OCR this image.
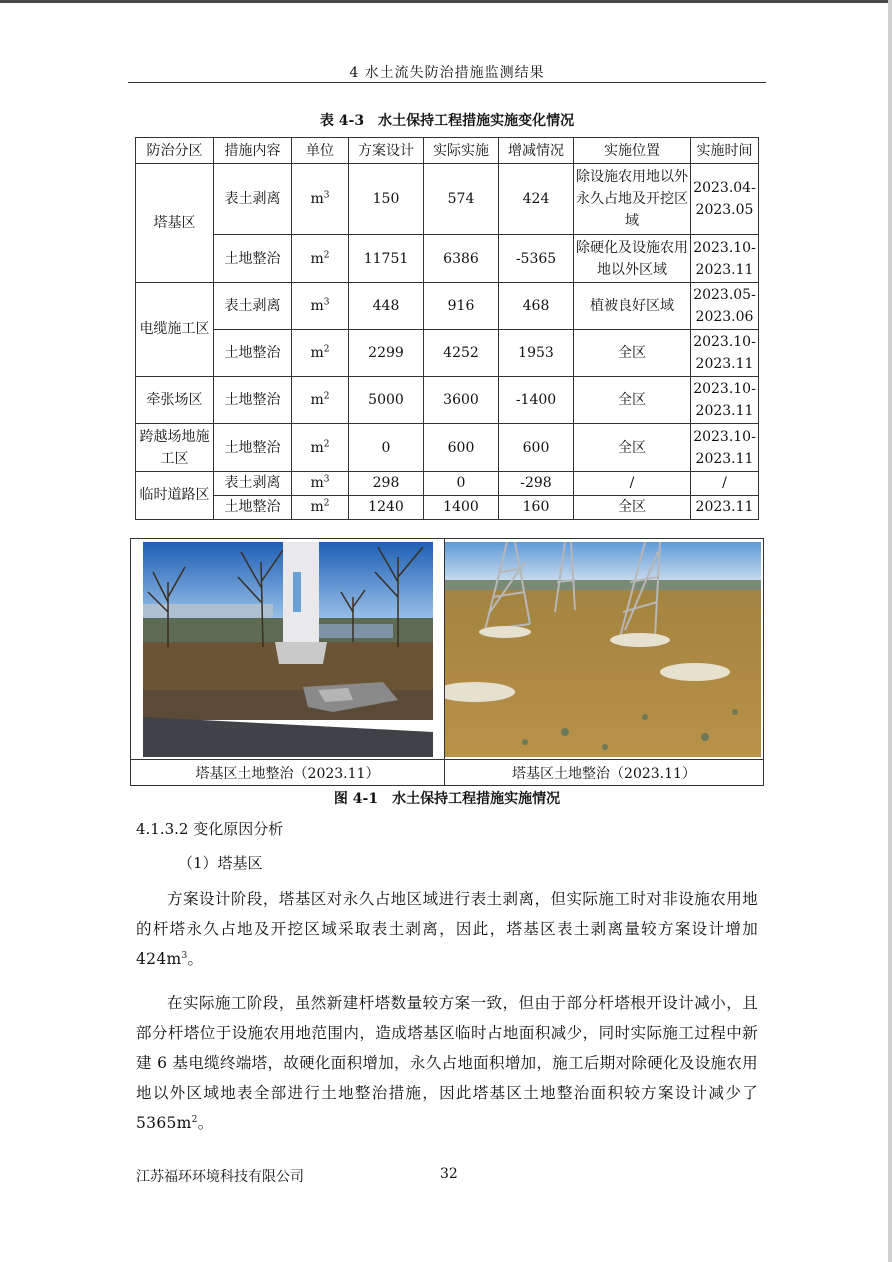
4 水土流失防治措施监测结果
表 4-3 水土保持工程措施实施变化情况
防治分区	措施内容	单位	方案设计	实际实施	增减情况	实施位置	实施时间
塔基区	表土剥离	$m^3$	150	574	424	除设施农用地以外永久占地及开挖区域	2023.04-2023.05
	土地整治	$m^2$	11751	6386	-5365	除硬化及设施农用地以外区域	2023.10-2023.11
电缆施工区	表土剥离	$m^3$	448	916	468	植被良好区域	2023.05-2023.06
	土地整治	$m^2$	2299	4252	1953	全区	2023.10-2023.11
牵张场区	土地整治	$m^2$	5000	3600	-1400	全区	2023.10-2023.11
跨越场地施工区	土地整治	$m^2$	0	600	600	全区	2023.10-2023.11
临时道路区	表土剥离	$m^3$	298	0	-298	/	/
	土地整治	$m^2$	1240	1400	160	全区	2023.11
塔基区土地整治（2023.11）	塔基区土地整治（2023.11）
图 4-1 水土保持工程措施实施情况
4.1.3.2 变化原因分析
（1）塔基区

方案设计阶段，塔基区对永久占地区域进行表土剥离，但实际施工时对非设施农用地的杆塔永久占地及开挖区域采取表土剥离，因此，塔基区表土剥离量较方案设计增加 $424m^3$。

在实际施工阶段，虽然新建杆塔数量较方案一致，但由于部分杆塔根开设计减小，且部分杆塔位于设施农用地范围内，造成塔基区临时占地面积减少，同时实际施工过程中新建 6 基电缆终端塔，故硬化面积增加，永久占地面积增加，施工后期对除硬化及设施农用地以外区域地表全部进行土地整治措施，因此塔基区土地整治面积较方案设计减少了 $5365m^2$。

江苏福环环境科技有限公司	32
